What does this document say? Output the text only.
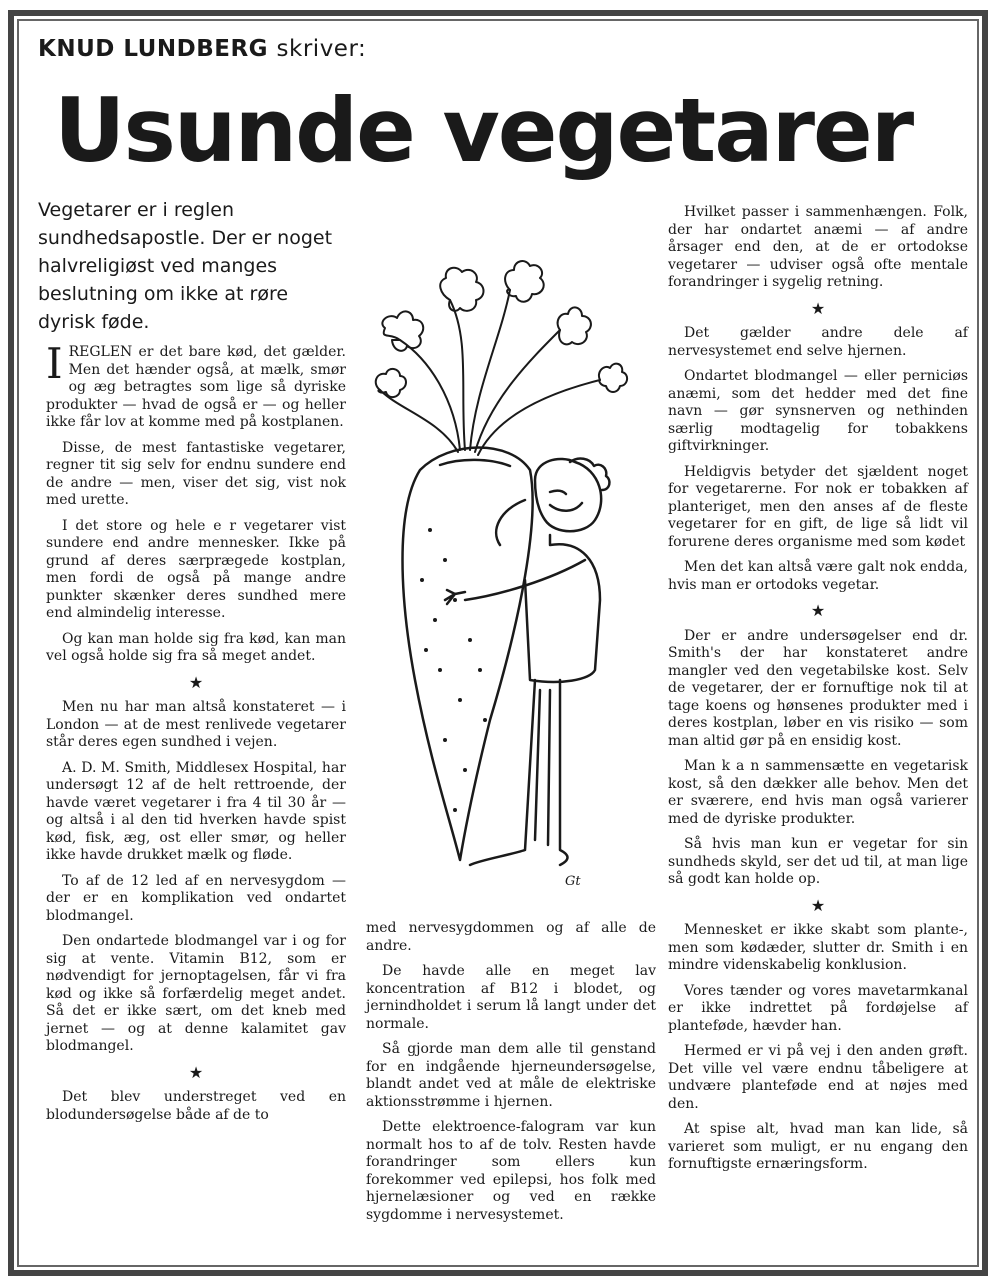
KNUD LUNDBERG skriver:
Usunde vegetarer

Vegetarer er i reglen sundhedsapostle. Der er noget halvreligiøst ved manges beslutning om ikke at røre dyrisk føde.

Gt

IREGLEN er det bare kød, det gælder. Men det hænder også, at mælk, smør og æg betragtes som lige så dyriske produkter — hvad de også er — og heller ikke får lov at komme med på kostplanen.

Disse, de mest fantastiske vegetarer, regner tit sig selv for endnu sundere end de andre — men, viser det sig, vist nok med urette.

I det store og hele e r vegetarer vist sundere end andre mennesker. Ikke på grund af deres særprægede kostplan, men fordi de også på mange andre punkter skænker deres sundhed mere end almindelig interesse.

Og kan man holde sig fra kød, kan man vel også holde sig fra så meget andet.

★

Men nu har man altså konstateret — i London — at de mest renlivede vegetarer står deres egen sundhed i vejen.

A. D. M. Smith, Middlesex Hospital, har undersøgt 12 af de helt rettroende, der havde været vegetarer i fra 4 til 30 år — og altså i al den tid hverken havde spist kød, fisk, æg, ost eller smør, og heller ikke havde drukket mælk og fløde.

To af de 12 led af en nervesygdom — der er en komplikation ved ondartet blodmangel.

Den ondartede blodmangel var i og for sig at vente. Vitamin B12, som er nødvendigt for jernoptagelsen, får vi fra kød og ikke så forfærdelig meget andet. Så det er ikke sært, om det kneb med jernet — og at denne kalamitet gav blodmangel.

★

Det blev understreget ved en blodundersøgelse både af de to

med nervesygdommen og af alle de andre.

De havde alle en meget lav koncentration af B12 i blodet, og jernindholdet i serum lå langt under det normale.

Så gjorde man dem alle til genstand for en indgående hjerneundersøgelse, blandt andet ved at måle de elektriske aktionsstrømme i hjernen.

Dette elektroence-falogram var kun normalt hos to af de tolv. Resten havde forandringer som ellers kun forekommer ved epilepsi, hos folk med hjernelæsioner og ved en række sygdomme i nervesystemet.

Hvilket passer i sammenhængen. Folk, der har ondartet anæmi — af andre årsager end den, at de er ortodokse vegetarer — udviser også ofte mentale forandringer i sygelig retning.

★

Det gælder andre dele af nervesystemet end selve hjernen.

Ondartet blodmangel — eller perniciøs anæmi, som det hedder med det fine navn — gør synsnerven og nethinden særlig modtagelig for tobakkens giftvirkninger.

Heldigvis betyder det sjældent noget for vegetarerne. For nok er tobakken af planteriget, men den anses af de fleste vegetarer for en gift, de lige så lidt vil forurene deres organisme med som kødet

Men det kan altså være galt nok endda, hvis man er ortodoks vegetar.

★

Der er andre undersøgelser end dr. Smith's der har konstateret andre mangler ved den vegetabilske kost. Selv de vegetarer, der er fornuftige nok til at tage koens og hønsenes produkter med i deres kostplan, løber en vis risiko — som man altid gør på en ensidig kost.

Man k a n sammensætte en vegetarisk kost, så den dækker alle behov. Men det er sværere, end hvis man også varierer med de dyriske produkter.

Så hvis man kun er vegetar for sin sundheds skyld, ser det ud til, at man lige så godt kan holde op.

★

Mennesket er ikke skabt som plante-, men som kødæder, slutter dr. Smith i en mindre videnskabelig konklusion.

Vores tænder og vores mavetarmkanal er ikke indrettet på fordøjelse af planteføde, hævder han.

Hermed er vi på vej i den anden grøft. Det ville vel være endnu tåbeligere at undvære planteføde end at nøjes med den.

At spise alt, hvad man kan lide, så varieret som muligt, er nu engang den fornuftigste ernæringsform.
